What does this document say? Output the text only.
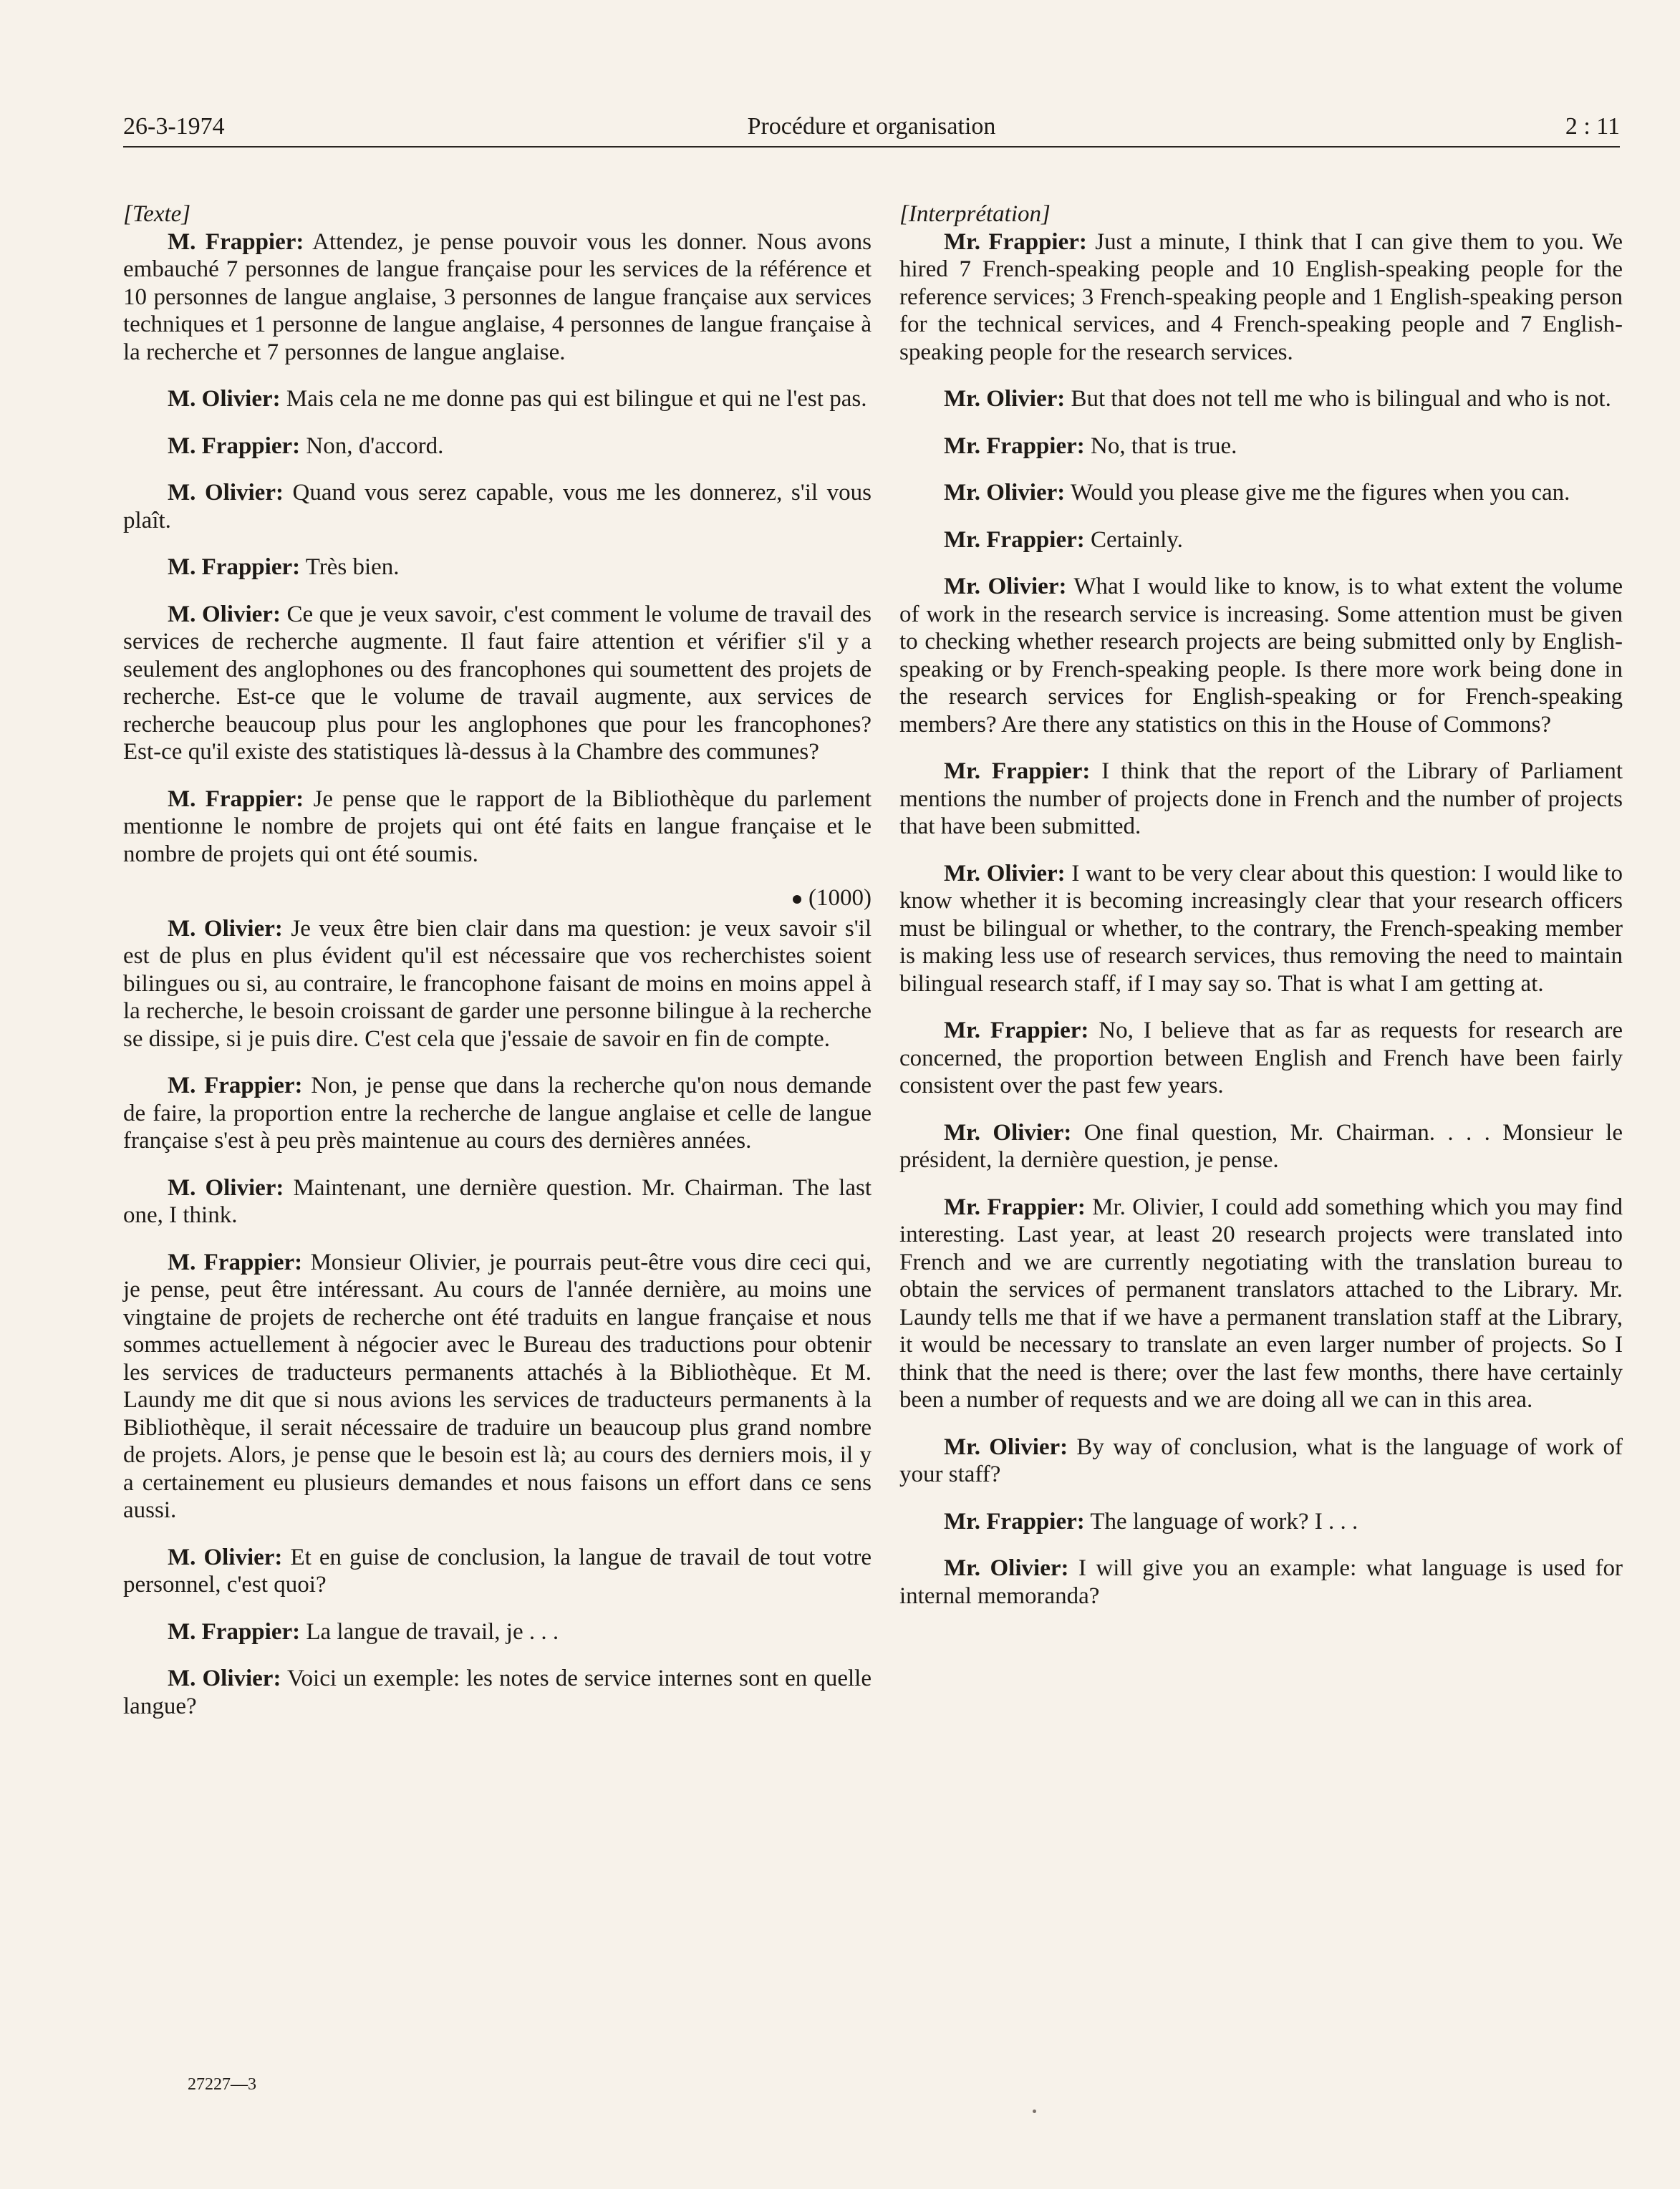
26-3-1974	Procédure et organisation	2 : 11
[Texte]
M. Frappier: Attendez, je pense pouvoir vous les donner. Nous avons embauché 7 personnes de langue française pour les services de la référence et 10 personnes de langue anglaise, 3 personnes de langue française aux services techniques et 1 personne de langue anglaise, 4 personnes de langue française à la recherche et 7 personnes de langue anglaise.
M. Olivier: Mais cela ne me donne pas qui est bilingue et qui ne l'est pas.
M. Frappier: Non, d'accord.
M. Olivier: Quand vous serez capable, vous me les donnerez, s'il vous plaît.
M. Frappier: Très bien.
M. Olivier: Ce que je veux savoir, c'est comment le volume de travail des services de recherche augmente. Il faut faire attention et vérifier s'il y a seulement des anglophones ou des francophones qui soumettent des projets de recherche. Est-ce que le volume de travail augmente, aux services de recherche beaucoup plus pour les anglophones que pour les francophones? Est-ce qu'il existe des statistiques là-dessus à la Chambre des communes?
M. Frappier: Je pense que le rapport de la Bibliothèque du parlement mentionne le nombre de projets qui ont été faits en langue française et le nombre de projets qui ont été soumis.
(1000)
M. Olivier: Je veux être bien clair dans ma question: je veux savoir s'il est de plus en plus évident qu'il est nécessaire que vos recherchistes soient bilingues ou si, au contraire, le francophone faisant de moins en moins appel à la recherche, le besoin croissant de garder une personne bilingue à la recherche se dissipe, si je puis dire. C'est cela que j'essaie de savoir en fin de compte.
M. Frappier: Non, je pense que dans la recherche qu'on nous demande de faire, la proportion entre la recherche de langue anglaise et celle de langue française s'est à peu près maintenue au cours des dernières années.
M. Olivier: Maintenant, une dernière question. Mr. Chairman. The last one, I think.
M. Frappier: Monsieur Olivier, je pourrais peut-être vous dire ceci qui, je pense, peut être intéressant. Au cours de l'année dernière, au moins une vingtaine de projets de recherche ont été traduits en langue française et nous sommes actuellement à négocier avec le Bureau des traductions pour obtenir les services de traducteurs permanents attachés à la Bibliothèque. Et M. Laundy me dit que si nous avions les services de traducteurs permanents à la Bibliothèque, il serait nécessaire de traduire un beaucoup plus grand nombre de projets. Alors, je pense que le besoin est là; au cours des derniers mois, il y a certainement eu plusieurs demandes et nous faisons un effort dans ce sens aussi.
M. Olivier: Et en guise de conclusion, la langue de travail de tout votre personnel, c'est quoi?
M. Frappier: La langue de travail, je . . .
M. Olivier: Voici un exemple: les notes de service internes sont en quelle langue?
[Interprétation]
Mr. Frappier: Just a minute, I think that I can give them to you. We hired 7 French-speaking people and 10 English-speaking people for the reference services; 3 French-speaking people and 1 English-speaking person for the technical services, and 4 French-speaking people and 7 English-speaking people for the research services.
Mr. Olivier: But that does not tell me who is bilingual and who is not.
Mr. Frappier: No, that is true.
Mr. Olivier: Would you please give me the figures when you can.
Mr. Frappier: Certainly.
Mr. Olivier: What I would like to know, is to what extent the volume of work in the research service is increasing. Some attention must be given to checking whether research projects are being submitted only by English-speaking or by French-speaking people. Is there more work being done in the research services for English-speaking or for French-speaking members? Are there any statistics on this in the House of Commons?
Mr. Frappier: I think that the report of the Library of Parliament mentions the number of projects done in French and the number of projects that have been submitted.
Mr. Olivier: I want to be very clear about this question: I would like to know whether it is becoming increasingly clear that your research officers must be bilingual or whether, to the contrary, the French-speaking member is making less use of research services, thus removing the need to maintain bilingual research staff, if I may say so. That is what I am getting at.
Mr. Frappier: No, I believe that as far as requests for research are concerned, the proportion between English and French have been fairly consistent over the past few years.
Mr. Olivier: One final question, Mr. Chairman. . . . Monsieur le président, la dernière question, je pense.
Mr. Frappier: Mr. Olivier, I could add something which you may find interesting. Last year, at least 20 research projects were translated into French and we are currently negotiating with the translation bureau to obtain the services of permanent translators attached to the Library. Mr. Laundy tells me that if we have a permanent translation staff at the Library, it would be necessary to translate an even larger number of projects. So I think that the need is there; over the last few months, there have certainly been a number of requests and we are doing all we can in this area.
Mr. Olivier: By way of conclusion, what is the language of work of your staff?
Mr. Frappier: The language of work? I . . .
Mr. Olivier: I will give you an example: what language is used for internal memoranda?
27227—3
